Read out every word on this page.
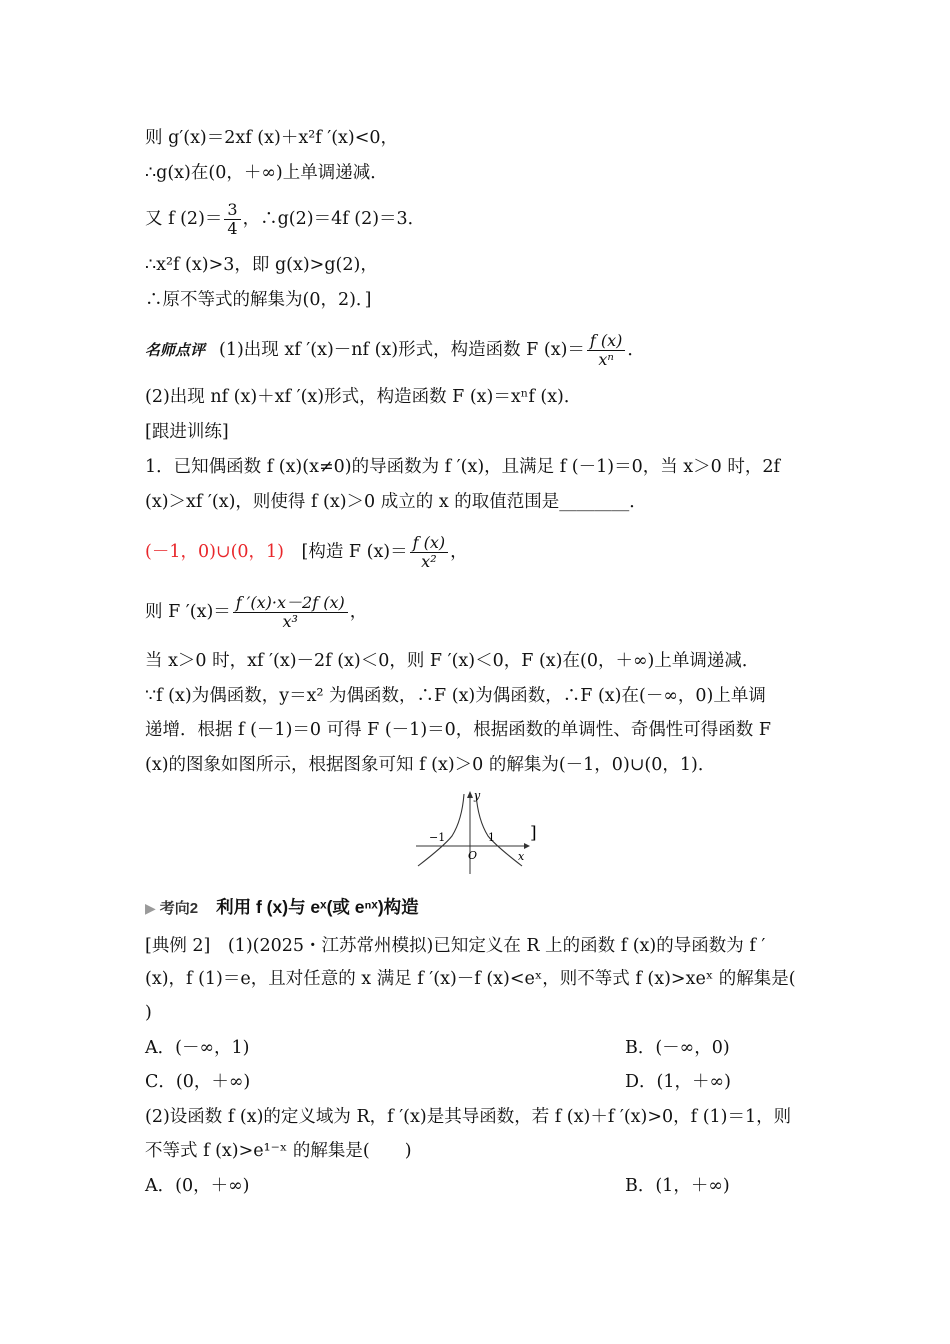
则 g′(x)＝2xf (x)＋x²f ′(x)<0，
∴g(x)在(0，＋∞)上单调递减．
又 f $(2)= \frac{3}{4}$ ，∴g(2)＝4f (2)＝3．
∴x²f (x)>3，即 g(x)>g(2)，
∴原不等式的解集为(0，2)．]
名师点评 (1)出现 xf ′(x)－nf (x)形式，构造函数 F $(x)= \frac{f (x)}{\text{xⁿ}}$ ．
(2)出现 nf (x)＋xf ′(x)形式，构造函数 F (x)＝xⁿf (x)．
[跟进训练]
1．已知偶函数 f (x)(x≠0)的导函数为 f ′(x)，且满足 f (－1)＝0，当 x＞0 时，2f
(x)＞xf ′(x)，则使得 f (x)＞0 成立的 x 的取值范围是________．
(－1，0)∪(0，1)　[构造 F $(x)= \frac{f (x)}{\text{x²}}$ ，
则 F $'(x)= \frac{f '(x)\cdot x-2f (x)}{\text{x³}}$ ，
当 x＞0 时，xf ′(x)－2f (x)＜0，则 F ′(x)＜0，F (x)在(0，＋∞)上单调递减．
∵f (x)为偶函数，y＝x² 为偶函数，∴F (x)为偶函数，∴F (x)在(－∞，0)上单调
递增．根据 f (－1)＝0 可得 F (－1)＝0，根据函数的单调性、奇偶性可得函数 F
(x)的图象如图所示，根据图象可知 f (x)＞0 的解集为(－1，0)∪(0，1)．
y
x
O
−1	1 ]
▶ 考向2 利用 f (x)与 eˣ(或 eⁿˣ)构造
[典例 2]　(1)(2025・江苏常州模拟)已知定义在 R 上的函数 f (x)的导函数为 f ′
(x)，f (1)＝e，且对任意的 x 满足 f ′(x)－f (x)<eˣ，则不等式 f (x)>xeˣ 的解集是(
)
A．(－∞，1)	B．(－∞，0)
C．(0，＋∞)	D．(1，＋∞)
(2)设函数 f (x)的定义域为 R，f ′(x)是其导函数，若 f (x)＋f ′(x)>0，f (1)＝1，则
不等式 f (x)>e¹⁻ˣ 的解集是(　　)
A．(0，＋∞)	B．(1，＋∞)
